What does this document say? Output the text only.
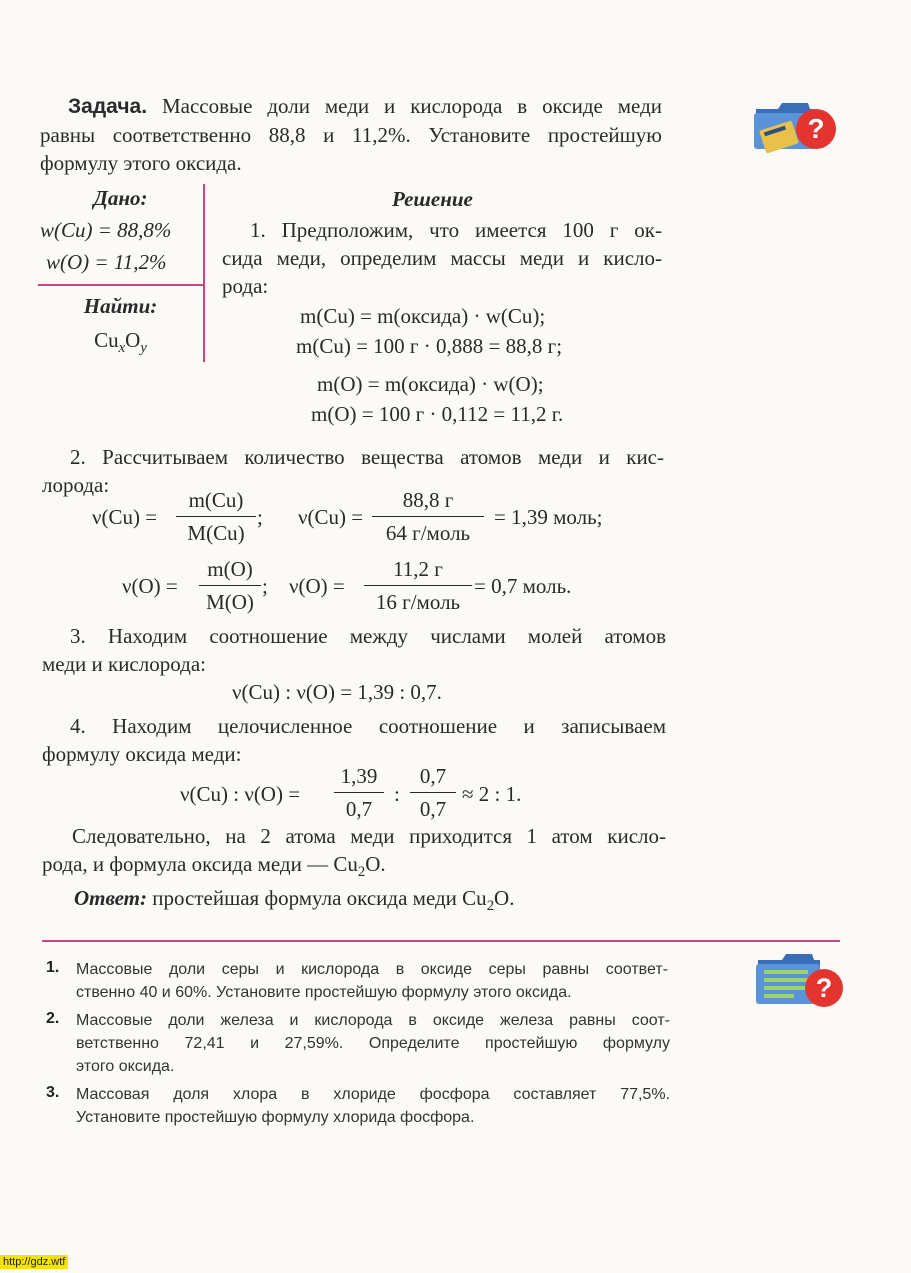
Задача. Массовые доли меди и кислорода в оксиде меди
равны соответственно 88,8 и 11,2%. Установите простейшую
формулу этого оксида.
?
Дано:
w(Cu) = 88,8%
w(O) = 11,2%
Найти:
$Cu_xO_y$
Решение
1. Предположим, что имеется 100 г ок-
сида меди, определим массы меди и кисло-
рода:
m(Cu) = m(оксида) · w(Cu);
m(Cu) = 100 г · 0,888 = 88,8 г;
m(O) = m(оксида) · w(O);
m(O) = 100 г · 0,112 = 11,2 г.
2. Рассчитываем количество вещества атомов меди и кис-
лорода:
ν(Cu) =
m(Cu)
M(Cu)
; ν(Cu) =
88,8 г
64 г/моль
= 1,39 моль;
ν(O) =
m(O)
M(O)
; ν(O) =
11,2 г
16 г/моль
= 0,7 моль.
3. Находим соотношение между числами молей атомов
меди и кислорода:
ν(Cu) : ν(O) = 1,39 : 0,7.
4. Находим целочисленное соотношение и записываем
формулу оксида меди:
ν(Cu) : ν(O) =
1,39
0,7
:
0,7
0,7
≈ 2 : 1.
Следовательно, на 2 атома меди приходится 1 атом кисло-
рода, и формула оксида меди — $Cu_2O$.
Ответ: простейшая формула оксида меди $Cu_2O$.
?
1. Массовые доли серы и кислорода в оксиде серы равны соответ-
ственно 40 и 60%. Установите простейшую формулу этого оксида.
2. Массовые доли железа и кислорода в оксиде железа равны соот-
ветственно 72,41 и 27,59%. Определите простейшую формулу
этого оксида.
3. Массовая доля хлора в хлориде фосфора составляет 77,5%.
Установите простейшую формулу хлорида фосфора.
http://gdz.wtf
